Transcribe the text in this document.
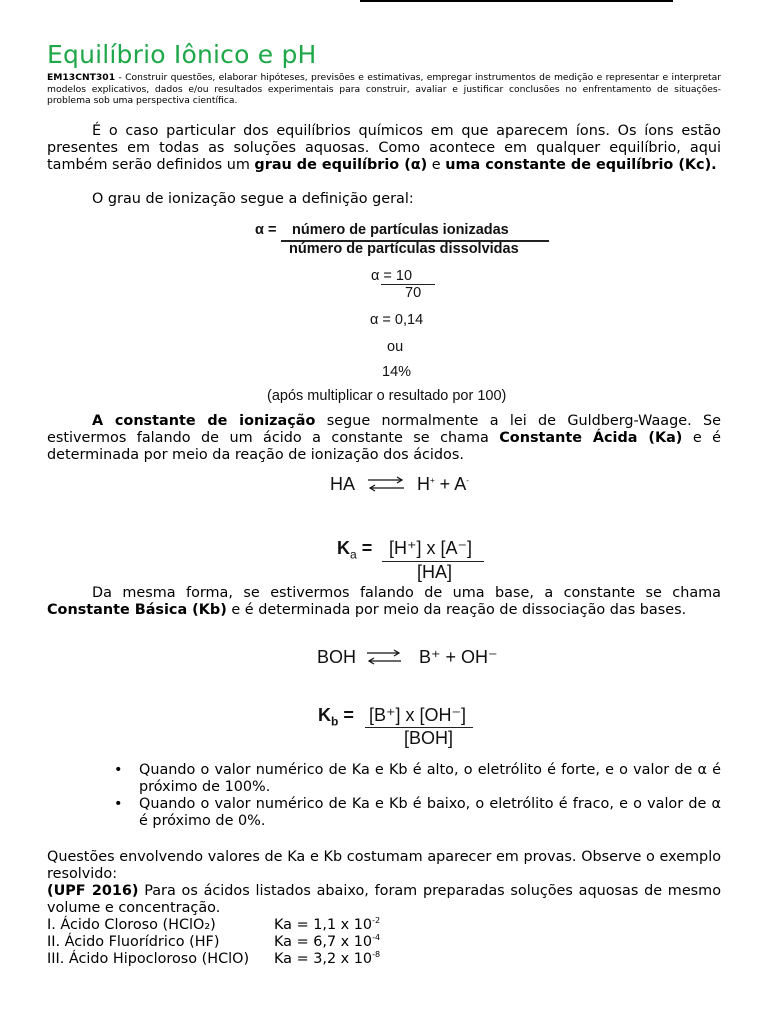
Equilíbrio Iônico e pH

EM13CNT301 - Construir questões, elaborar hipóteses, previsões e estimativas, empregar instrumentos de medição e representar e interpretar modelos explicativos, dados e/ou resultados experimentais para construir, avaliar e justificar conclusões no enfrentamento de situações-problema sob uma perspectiva científica.

É o caso particular dos equilíbrios químicos em que aparecem íons. Os íons estão presentes em todas as soluções aquosas. Como acontece em qualquer equilíbrio, aqui também serão definidos um grau de equilíbrio (α) e uma constante de equilíbrio (Kc).

O grau de ionização segue a definição geral:

α = número de partículas ionizadas
número de partículas dissolvidas
α = 10
70
α = 0,14
ou
14%
(após multiplicar o resultado por 100)

A constante de ionização segue normalmente a lei de Guldberg-Waage. Se estivermos falando de um ácido a constante se chama Constante Ácida (Ka) e é determinada por meio da reação de ionização dos ácidos.

HA ⇌ H+ + A-
$K_a = [H^+]$ x [A⁻]
[HA]

Da mesma forma, se estivermos falando de uma base, a constante se chama Constante Básica (Kb) e é determinada por meio da reação de dissociação das bases.

BOH ⇌ B⁺ + OH⁻
$K_b = [B^+]$ x [OH⁻]
[BOH]
• Quando o valor numérico de Ka e Kb é alto, o eletrólito é forte, e o valor de α é próximo de 100%.
• Quando o valor numérico de Ka e Kb é baixo, o eletrólito é fraco, e o valor de α é próximo de 0%.

Questões envolvendo valores de Ka e Kb costumam aparecer em provas. Observe o exemplo resolvido:

(UPF 2016) Para os ácidos listados abaixo, foram preparadas soluções aquosas de mesmo volume e concentração.

I. Ácido Cloroso (HClO₂)	Ka = 1,1 x $10^{-2}$
II. Ácido Fluorídrico (HF)	Ka = 6,7 x $10^{-4}$
III. Ácido Hipocloroso (HClO) Ka = 3,2 x $10^{-8}$
